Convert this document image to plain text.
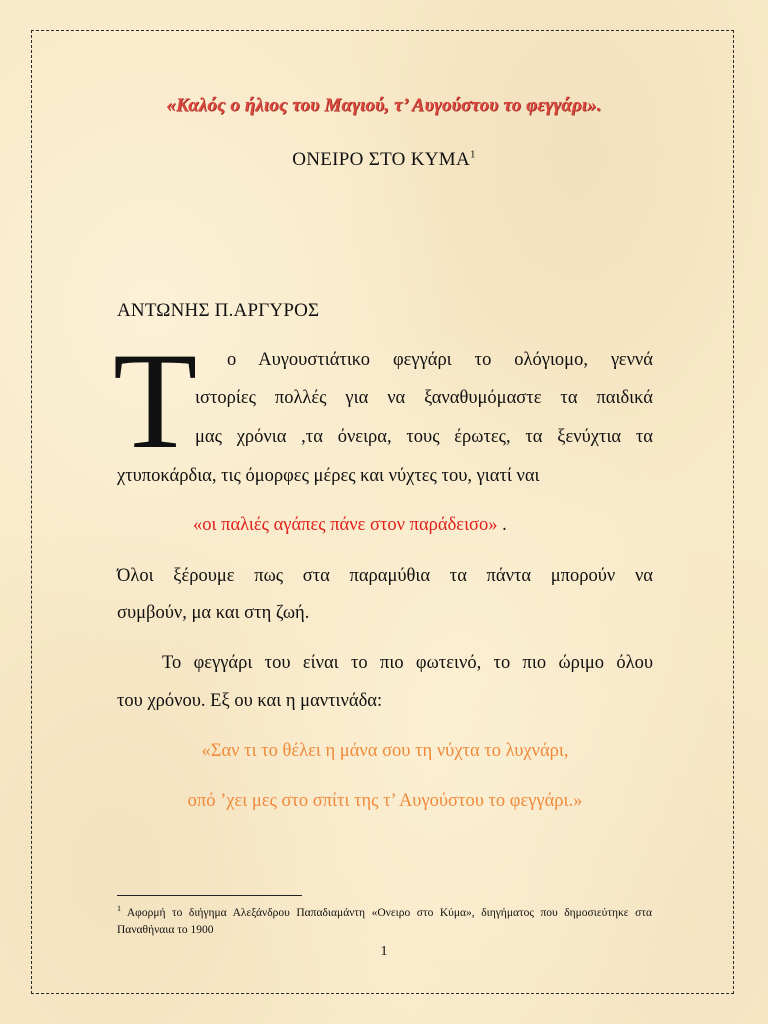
«Καλός ο ήλιος του Μαγιού, τ’ Αυγούστου το φεγγάρι».

ΟΝΕΙΡΟ ΣΤΟ ΚΥΜΑ$^1$

ΑΝΤΩΝΗΣ Π.ΑΡΓΥΡΟΣ

Τ ο Αυγουστιάτικο φεγγάρι το ολόγιομο, γεννά

ιστορίες πολλές για να ξαναθυμόμαστε τα παιδικά

μας χρόνια ,τα όνειρα, τους έρωτες, τα ξενύχτια τα

χτυποκάρδια, τις όμορφες μέρες και νύχτες του, γιατί ναι

«οι παλιές αγάπες πάνε στον παράδεισο» .

Όλοι ξέρουμε πως στα παραμύθια τα πάντα μπορούν να

συμβούν, μα και στη ζωή.

Το φεγγάρι του είναι το πιο φωτεινό, το πιο ώριμο όλου

του χρόνου. Εξ ου και η μαντινάδα:

«Σαν τι το θέλει η μάνα σου τη νύχτα το λυχνάρι,

οπό ’χει μες στο σπίτι της τ’ Αυγούστου το φεγγάρι.»

$^1$ Αφορμή το διήγημα Αλεξάνδρου Παπαδιαμάντη «Ονειρο στο Κύμα», διηγήματος που δημοσιεύτηκε στα Παναθήναια το 1900

1
